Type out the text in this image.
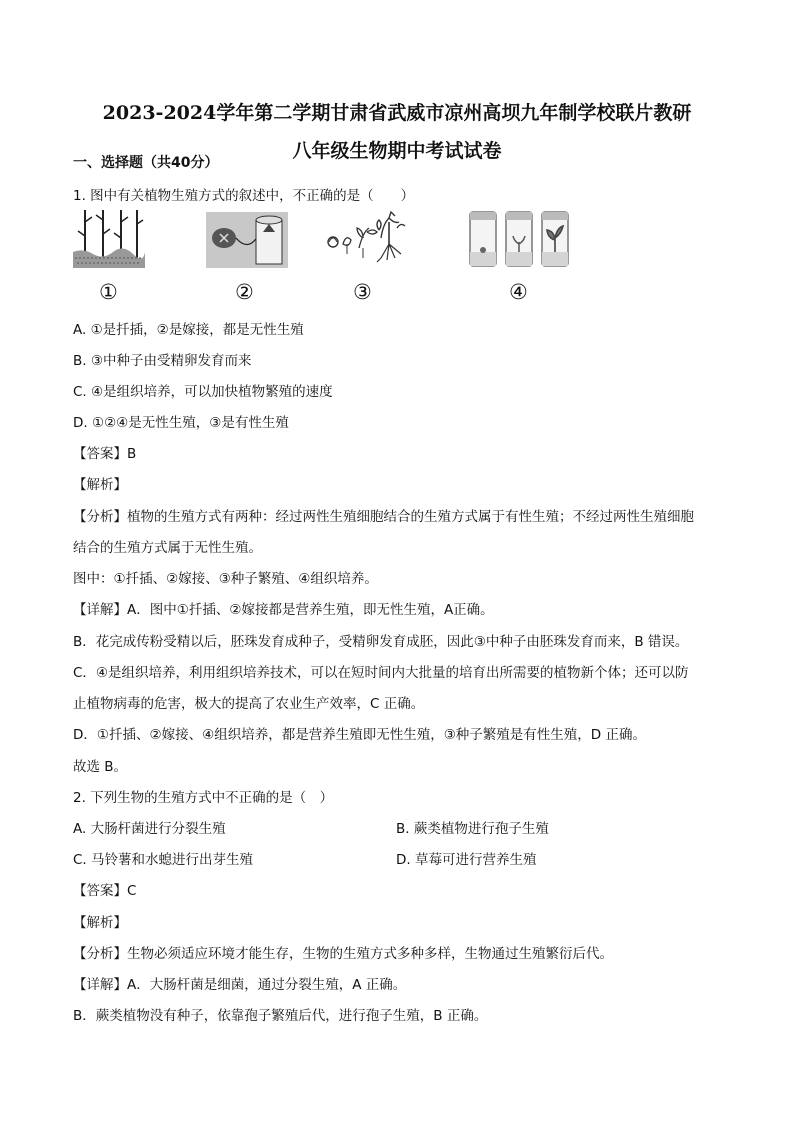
2023-2024学年第二学期甘肃省武威市凉州高坝九年制学校联片教研
八年级生物期中考试试卷
一、选择题（共40分）
1. 图中有关植物生殖方式的叙述中，不正确的是（　　）
①	②	③	④
A. ①是扦插，②是嫁接，都是无性生殖
B. ③中种子由受精卵发育而来
C. ④是组织培养，可以加快植物繁殖的速度
D. ①②④是无性生殖，③是有性生殖
【答案】B
【解析】
【分析】植物的生殖方式有两种：经过两性生殖细胞结合的生殖方式属于有性生殖；不经过两性生殖细胞
结合的生殖方式属于无性生殖。
图中：①扦插、②嫁接、③种子繁殖、④组织培养。
【详解】A．图中①扦插、②嫁接都是营养生殖，即无性生殖，A正确。
B．花完成传粉受精以后，胚珠发育成种子，受精卵发育成胚，因此③中种子由胚珠发育而来，B 错误。
C．④是组织培养，利用组织培养技术，可以在短时间内大批量的培育出所需要的植物新个体；还可以防
止植物病毒的危害，极大的提高了农业生产效率，C 正确。
D．①扦插、②嫁接、④组织培养，都是营养生殖即无性生殖，③种子繁殖是有性生殖，D 正确。
故选 B。
2. 下列生物的生殖方式中不正确的是（　）
A. 大肠杆菌进行分裂生殖	B. 蕨类植物进行孢子生殖
C. 马铃薯和水螅进行出芽生殖	D. 草莓可进行营养生殖
【答案】C
【解析】
【分析】生物必须适应环境才能生存，生物的生殖方式多种多样，生物通过生殖繁衍后代。
【详解】A．大肠杆菌是细菌，通过分裂生殖，A 正确。
B．蕨类植物没有种子，依靠孢子繁殖后代，进行孢子生殖，B 正确。
